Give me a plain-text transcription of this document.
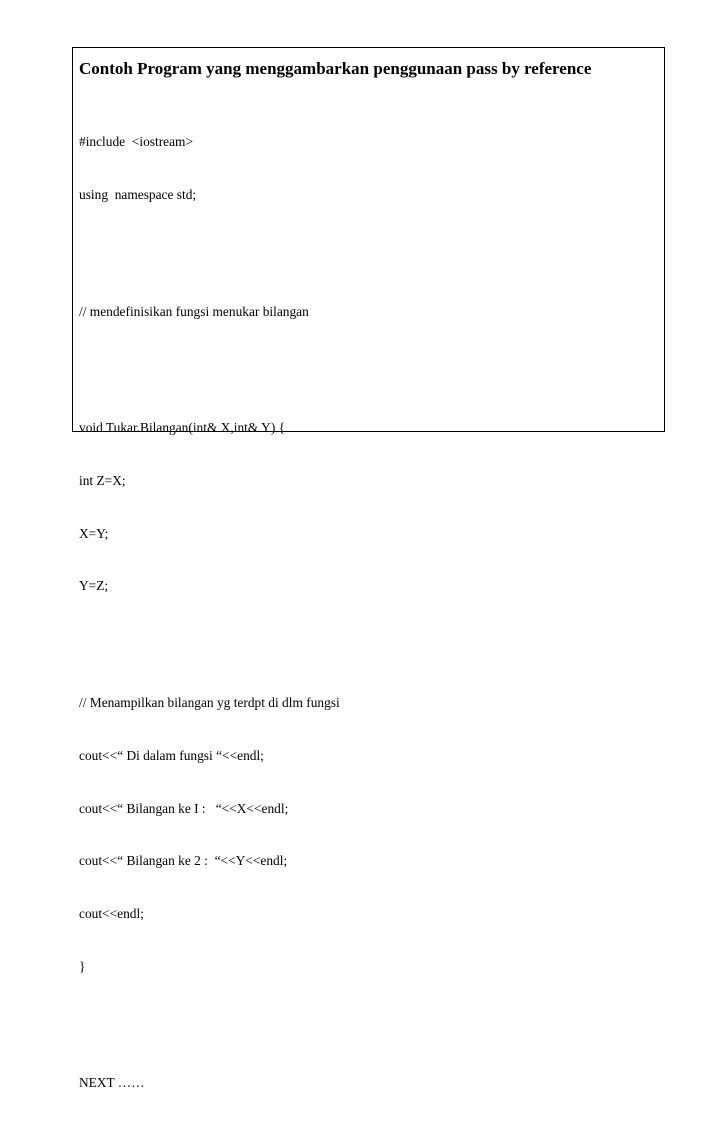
Contoh Program yang menggambarkan penggunaan pass by reference

#include  <iostream>

using  namespace std;

// mendefinisikan fungsi menukar bilangan

void Tukar.Bilangan(int& X,int& Y) {

int Z=X;

X=Y;

Y=Z;

// Menampilkan bilangan yg terdpt di dlm fungsi

cout<<“ Di dalam fungsi “<<endl;

cout<<“ Bilangan ke I :   “<<X<<endl;

cout<<“ Bilangan ke 2 :  “<<Y<<endl;

cout<<endl;

}

NEXT ……
